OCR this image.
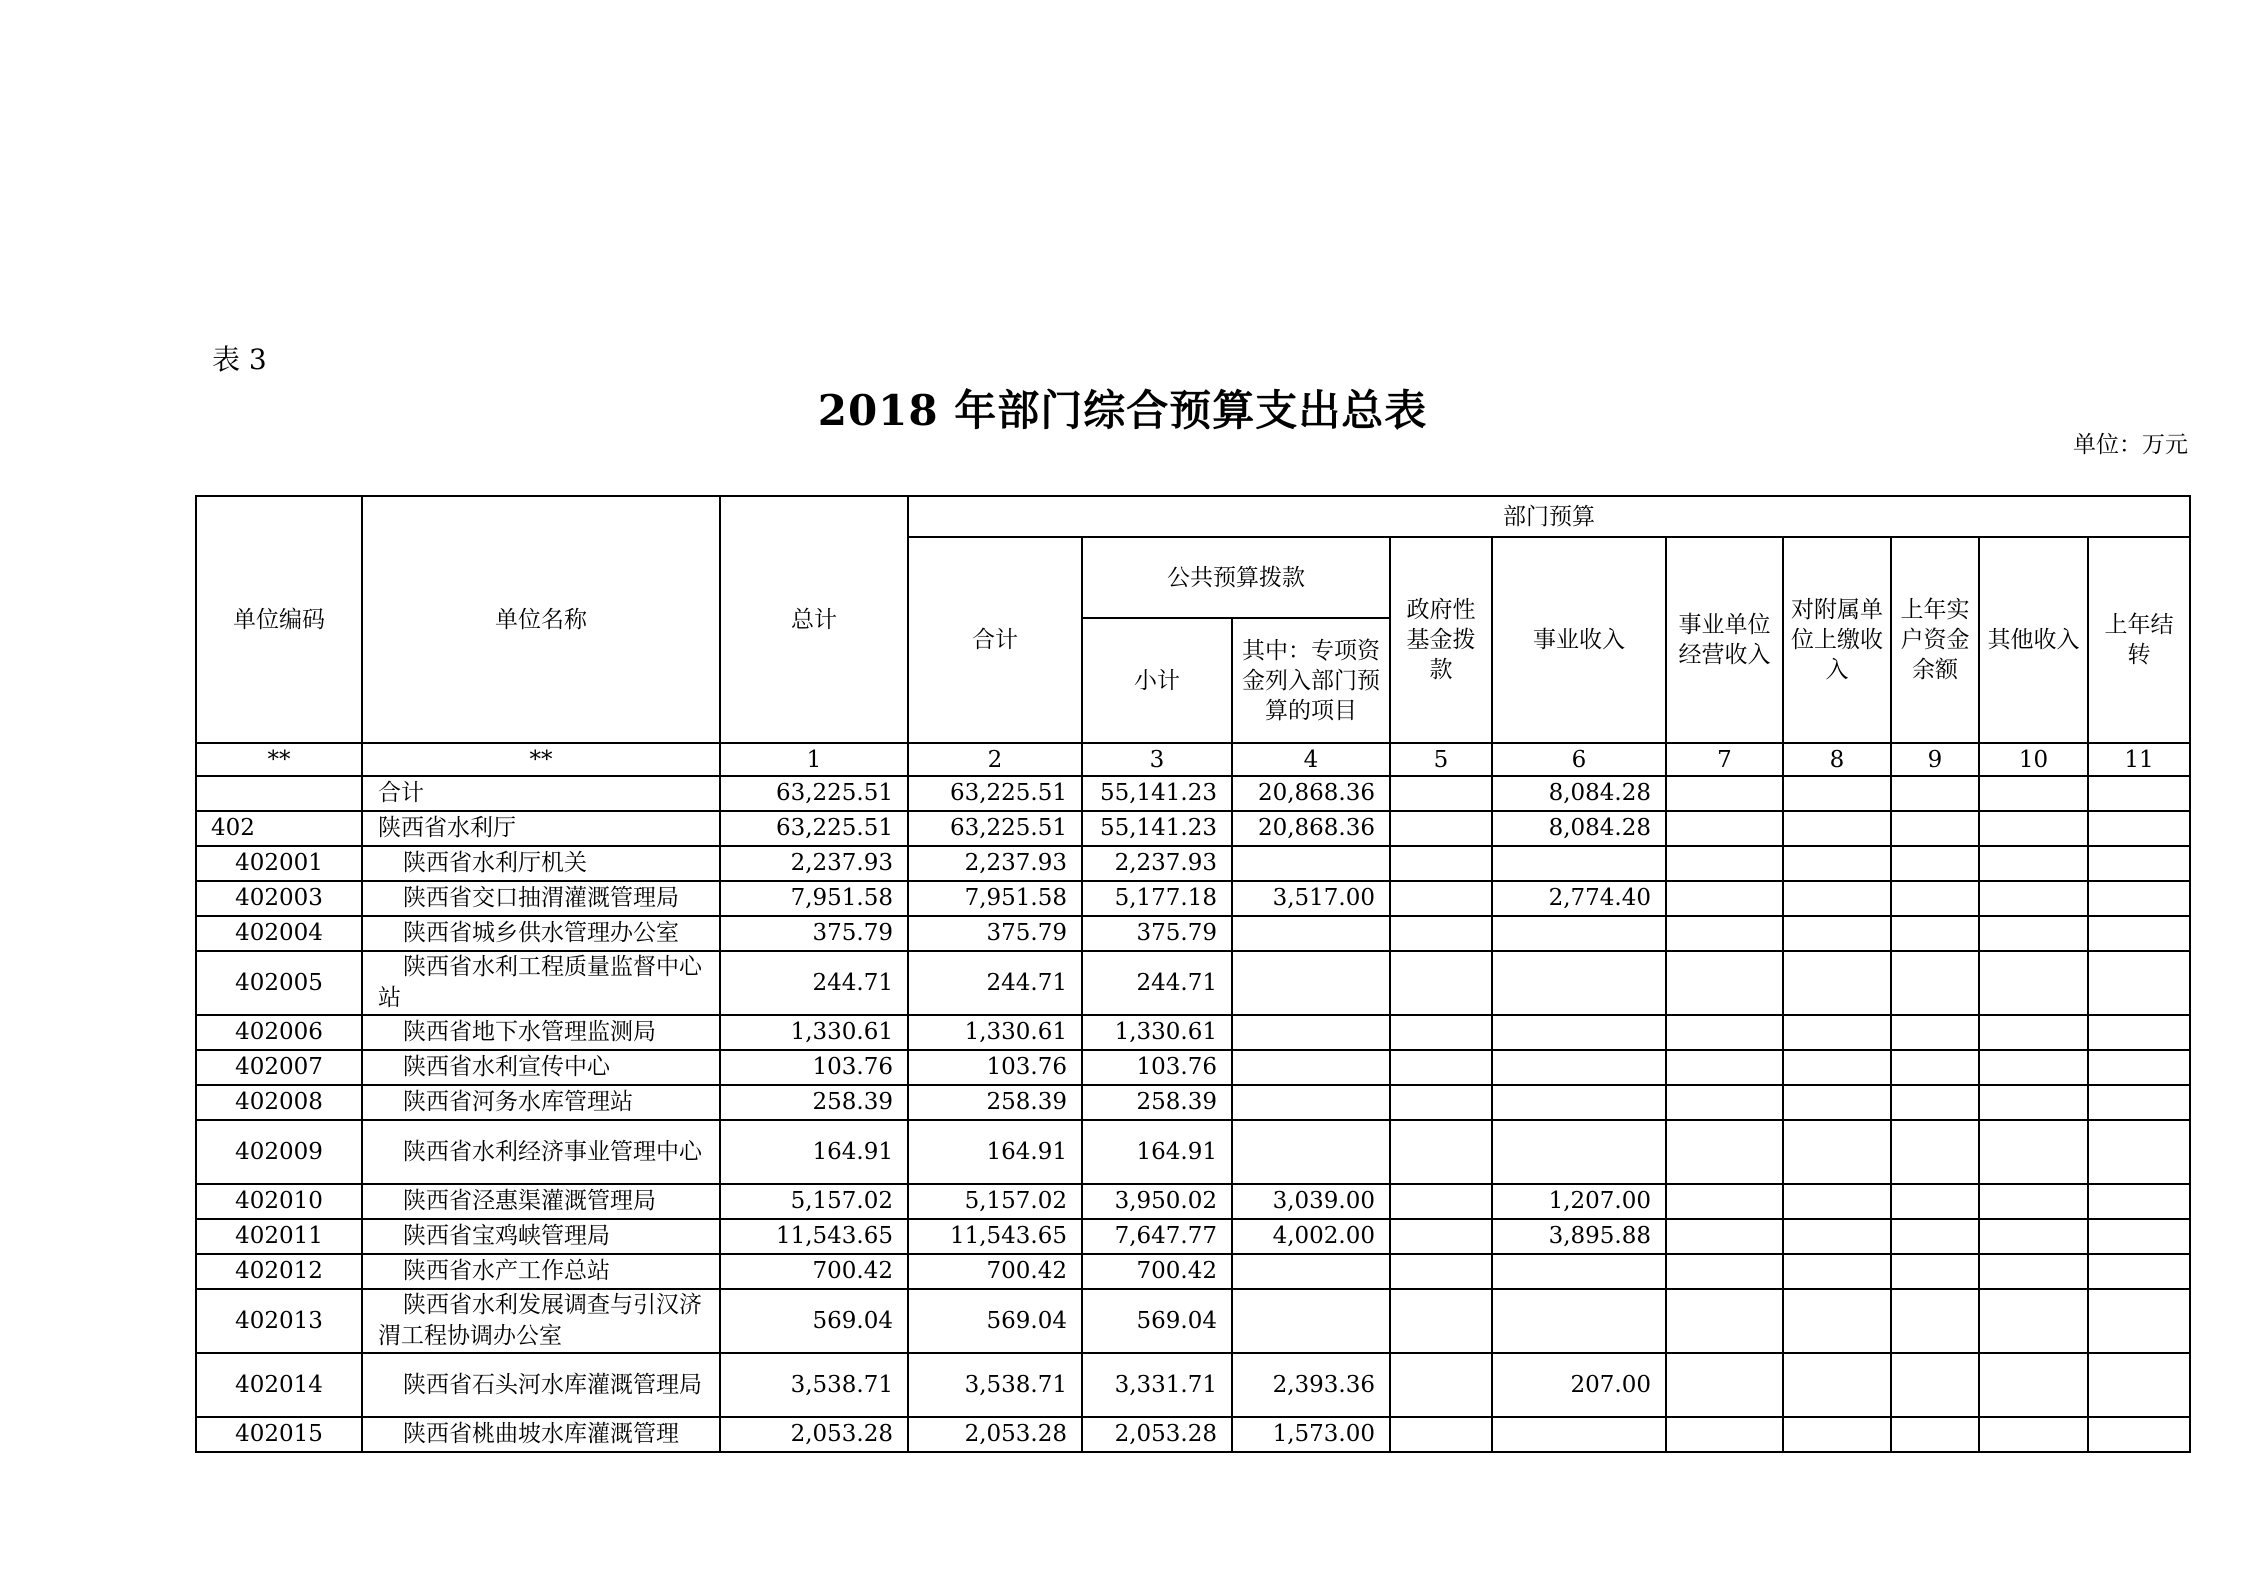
表 3
2018 年部门综合预算支出总表
单位：万元
单位编码	单位名称	总计	部门预算									
			合计	公共预算拨款		政府性基金拨款	事业收入	事业单位经营收入	对附属单位上缴收入	上年实户资金余额	其他收入	上年结转
				小计	其中：专项资金列入部门预算的项目							
**	**	1	2	3	4	5	6	7	8	9	10	11
	合计	63,225.51	63,225.51	55,141.23	20,868.36		8,084.28					
402	陕西省水利厅	63,225.51	63,225.51	55,141.23	20,868.36		8,084.28					
402001	陕西省水利厅机关	2,237.93	2,237.93	2,237.93								
402003	陕西省交口抽渭灌溉管理局	7,951.58	7,951.58	5,177.18	3,517.00		2,774.40					
402004	陕西省城乡供水管理办公室	375.79	375.79	375.79								
402005	陕西省水利工程质量监督中心站	244.71	244.71	244.71								
402006	陕西省地下水管理监测局	1,330.61	1,330.61	1,330.61								
402007	陕西省水利宣传中心	103.76	103.76	103.76								
402008	陕西省河务水库管理站	258.39	258.39	258.39								
402009	陕西省水利经济事业管理中心	164.91	164.91	164.91								
402010	陕西省泾惠渠灌溉管理局	5,157.02	5,157.02	3,950.02	3,039.00		1,207.00					
402011	陕西省宝鸡峡管理局	11,543.65	11,543.65	7,647.77	4,002.00		3,895.88					
402012	陕西省水产工作总站	700.42	700.42	700.42								
402013	陕西省水利发展调查与引汉济渭工程协调办公室	569.04	569.04	569.04								
402014	陕西省石头河水库灌溉管理局	3,538.71	3,538.71	3,331.71	2,393.36		207.00					
402015	陕西省桃曲坡水库灌溉管理	2,053.28	2,053.28	2,053.28	1,573.00							
